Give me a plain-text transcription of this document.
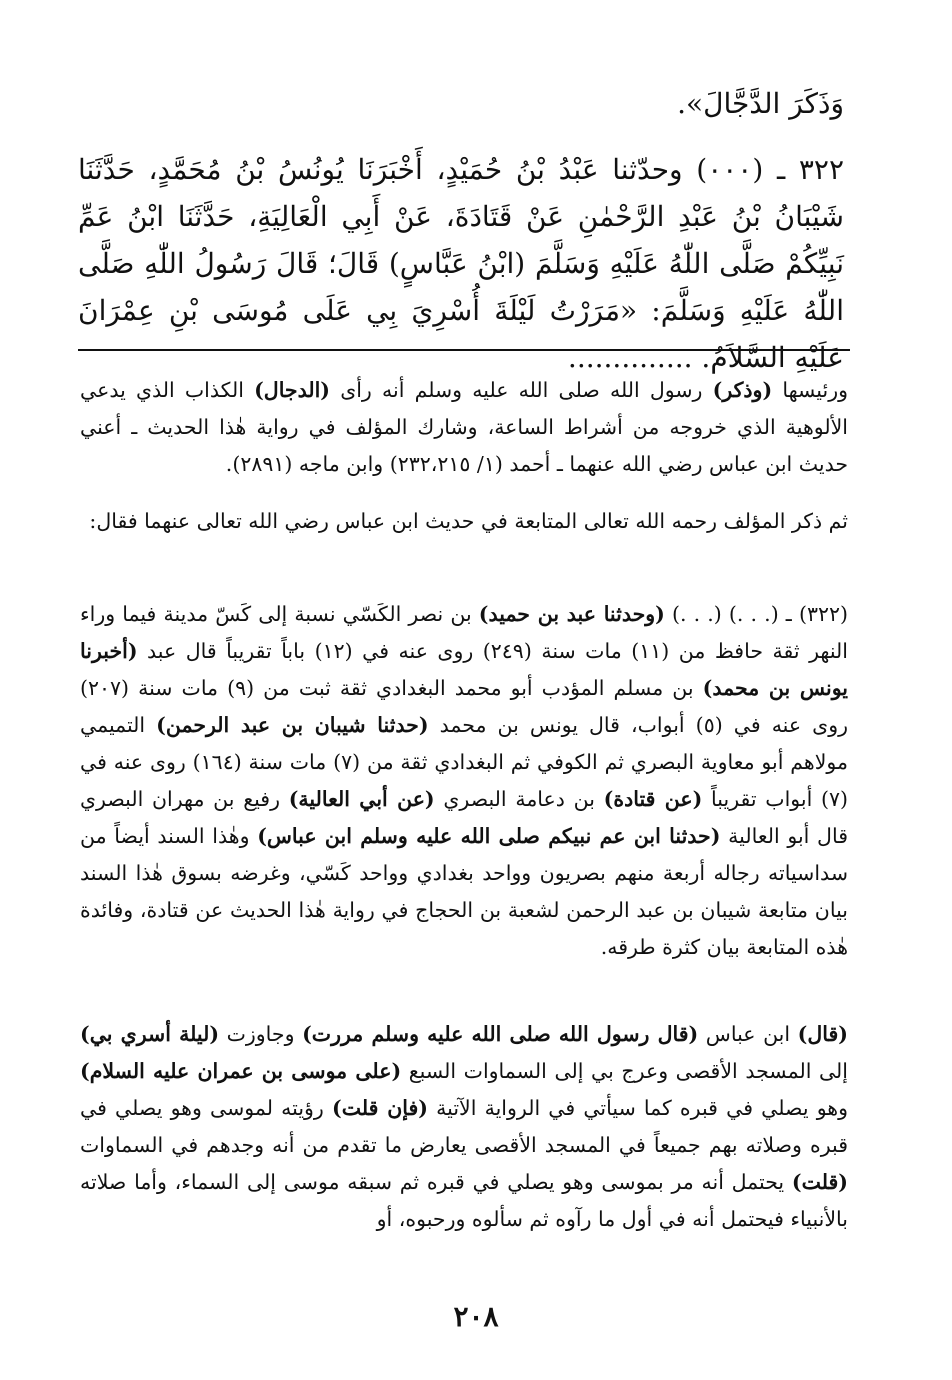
وَذَكَرَ الدَّجَّالَ».
٣٢٢ ـ (٠٠٠) وحدّثنا عَبْدُ بْنُ حُمَيْدٍ، أَخْبَرَنَا يُونُسُ بْنُ مُحَمَّدٍ، حَدَّثَنَا شَيْبَانُ بْنُ عَبْدِ الرَّحْمٰنِ عَنْ قَتَادَةَ، عَنْ أَبِي الْعَالِيَةِ، حَدَّثَنَا ابْنُ عَمِّ نَبِيِّكُمْ صَلَّى اللّٰهُ عَلَيْهِ وَسَلَّمَ (ابْنُ عَبَّاسٍ) قَالَ؛ قَالَ رَسُولُ اللّٰهِ صَلَّى اللّٰهُ عَلَيْهِ وَسَلَّمَ: «مَرَرْتُ لَيْلَةَ أُسْرِيَ بِي عَلَى مُوسَى بْنِ عِمْرَانَ عَلَيْهِ السَّلاَمُ. ..............

ورئيسها (وذكر) رسول الله صلى الله عليه وسلم أنه رأى (الدجال) الكذاب الذي يدعي الألوهية الذي خروجه من أشراط الساعة، وشارك المؤلف في رواية هٰذا الحديث ـ أعني حديث ابن عباس رضي الله عنهما ـ أحمد (١/ ٢٣٢،٢١٥) وابن ماجه (٢٨٩١).

ثم ذكر المؤلف رحمه الله تعالى المتابعة في حديث ابن عباس رضي الله تعالى عنهما فقال:

(٣٢٢) ـ (. . .) (. . .) (وحدثنا عبد بن حميد) بن نصر الكَسّي نسبة إلى كَسّ مدينة فيما وراء النهر ثقة حافظ من (١١) مات سنة (٢٤٩) روى عنه في (١٢) باباً تقريباً قال عبد (أخبرنا يونس بن محمد) بن مسلم المؤدب أبو محمد البغدادي ثقة ثبت من (٩) مات سنة (٢٠٧) روى عنه في (٥) أبواب، قال يونس بن محمد (حدثنا شيبان بن عبد الرحمن) التميمي مولاهم أبو معاوية البصري ثم الكوفي ثم البغدادي ثقة من (٧) مات سنة (١٦٤) روى عنه في (٧) أبواب تقريباً (عن قتادة) بن دعامة البصري (عن أبي العالية) رفيع بن مهران البصري قال أبو العالية (حدثنا ابن عم نبيكم صلى الله عليه وسلم ابن عباس) وهٰذا السند أيضاً من سداسياته رجاله أربعة منهم بصريون وواحد بغدادي وواحد كَسّي، وغرضه بسوق هٰذا السند بيان متابعة شيبان بن عبد الرحمن لشعبة بن الحجاج في رواية هٰذا الحديث عن قتادة، وفائدة هٰذه المتابعة بيان كثرة طرقه.

(قال) ابن عباس (قال رسول الله صلى الله عليه وسلم مررت) وجاوزت (ليلة أسري بي) إلى المسجد الأقصى وعرج بي إلى السماوات السبع (على موسى بن عمران عليه السلام) وهو يصلي في قبره كما سيأتي في الرواية الآتية (فإن قلت) رؤيته لموسى وهو يصلي في قبره وصلاته بهم جميعاً في المسجد الأقصى يعارض ما تقدم من أنه وجدهم في السماوات (قلت) يحتمل أنه مر بموسى وهو يصلي في قبره ثم سبقه موسى إلى السماء، وأما صلاته بالأنبياء فيحتمل أنه في أول ما رآوه ثم سألوه ورحبوه، أو

٢٠٨
